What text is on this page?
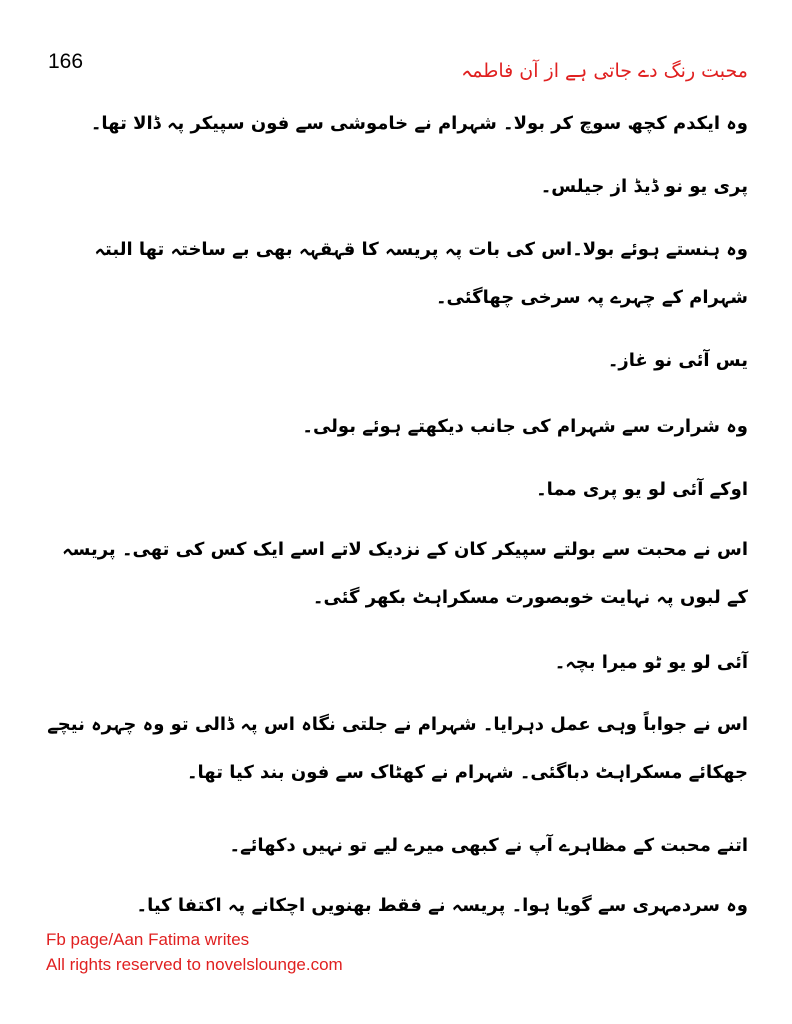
166	محبت رنگ دے جاتی ہے از آن فاطمہ

وہ ایکدم کچھ سوچ کر بولا۔ شہرام نے خاموشی سے فون سپیکر پہ ڈالا تھا۔

پری یو نو ڈیڈ از جیلس۔

وہ ہنستے ہوئے بولا۔اس کی بات پہ پریسہ کا قہقہہ بھی بے ساختہ تھا البتہ شہرام کے چہرے پہ سرخی چھاگئی۔

یس آئی نو غاز۔

وہ شرارت سے شہرام کی جانب دیکھتے ہوئے بولی۔

اوکے آئی لو یو پری مما۔

اس نے محبت سے بولتے سپیکر کان کے نزدیک لاتے اسے ایک کس کی تھی۔ پریسہ کے لبوں پہ نہایت خوبصورت مسکراہٹ بکھر گئی۔

آئی لو یو ٹو میرا بچہ۔

اس نے جواباً وہی عمل دہرایا۔ شہرام نے جلتی نگاہ اس پہ ڈالی تو وہ چہرہ نیچے جھکائے مسکراہٹ دباگئی۔ شہرام نے کھٹاک سے فون بند کیا تھا۔

اتنے محبت کے مظاہرے آپ نے کبھی میرے لیے تو نہیں دکھائے۔

وہ سردمہری سے گویا ہوا۔ پریسہ نے فقط بھنویں اچکانے پہ اکتفا کیا۔

Fb page/Aan Fatima writes
All rights reserved to novelslounge.com
